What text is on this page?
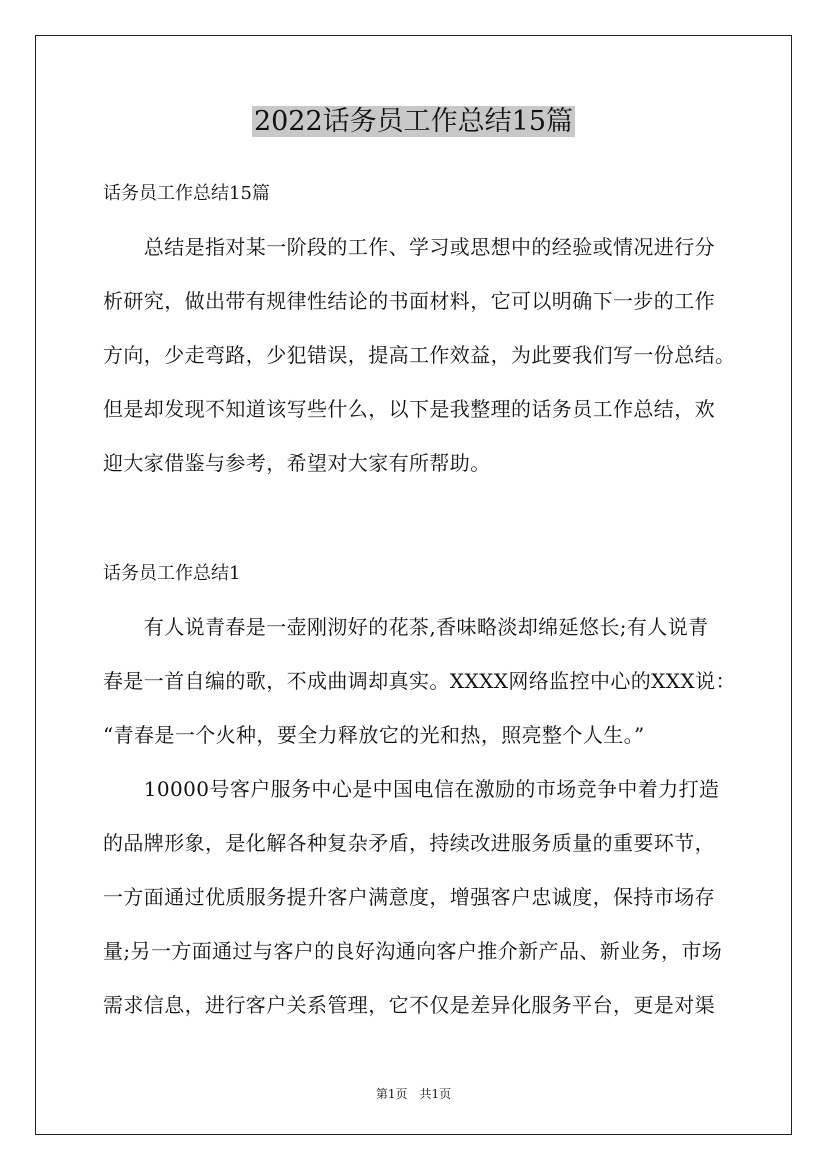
2022话务员工作总结15篇
话务员工作总结15篇
　　总结是指对某一阶段的工作、学习或思想中的经验或情况进行分
析研究，做出带有规律性结论的书面材料，它可以明确下一步的工作
方向，少走弯路，少犯错误，提高工作效益，为此要我们写一份总结。
但是却发现不知道该写些什么，以下是我整理的话务员工作总结，欢
迎大家借鉴与参考，希望对大家有所帮助。
话务员工作总结1
　　有人说青春是一壶刚沏好的花茶,香味略淡却绵延悠长;有人说青
春是一首自编的歌，不成曲调却真实。XXXX网络监控中心的XXX说：
“青春是一个火种，要全力释放它的光和热，照亮整个人生。”
　　10000号客户服务中心是中国电信在激励的市场竞争中着力打造
的品牌形象，是化解各种复杂矛盾，持续改进服务质量的重要环节，
一方面通过优质服务提升客户满意度，增强客户忠诚度，保持市场存
量;另一方面通过与客户的良好沟通向客户推介新产品、新业务，市场
需求信息，进行客户关系管理，它不仅是差异化服务平台，更是对渠
第1页　共1页
